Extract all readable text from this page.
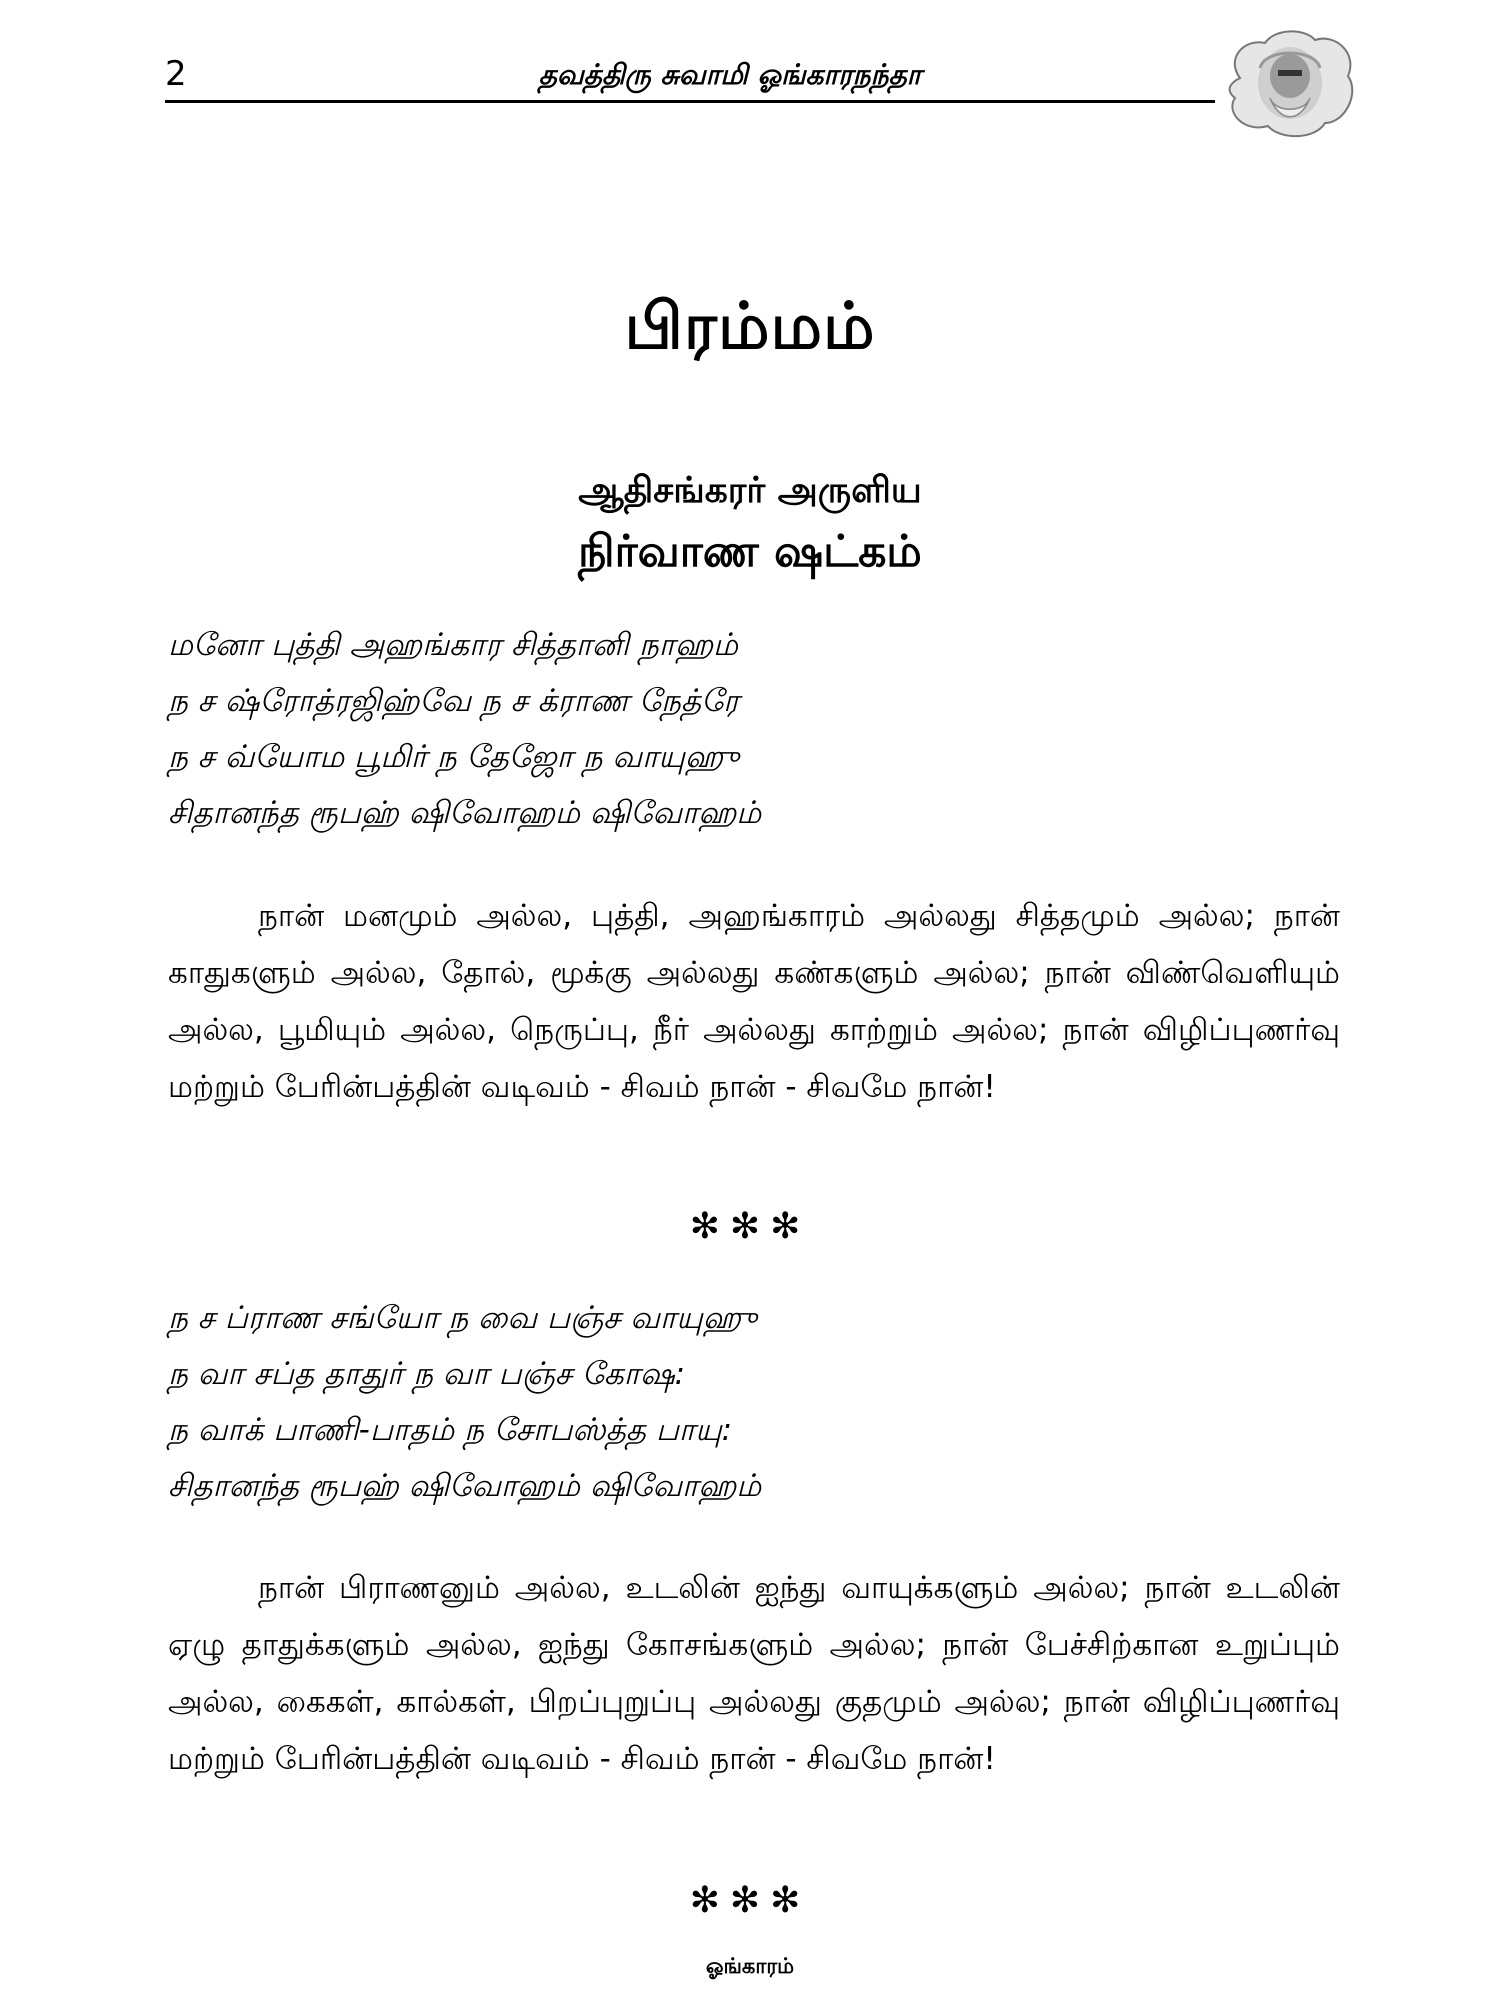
2	தவத்திரு சுவாமி ஓங்காரநந்தா
பிரம்மம்
ஆதிசங்கரர் அருளிய
நிர்வாண ஷட்கம்
மனோ புத்தி அஹங்கார சித்தானி நாஹம்
ந ச ஷ்ரோத்ரஜிஹ்வே ந ச க்ராண நேத்ரே
ந ச வ்யோம பூமிர் ந தேஜோ ந வாயுஹு
சிதானந்த ரூபஹ் ஷிவோஹம் ஷிவோஹம்

நான் மனமும் அல்ல, புத்தி, அஹங்காரம் அல்லது சித்தமும் அல்ல; நான் காதுகளும் அல்ல, தோல், மூக்கு அல்லது கண்களும் அல்ல; நான் விண்வெளியும் அல்ல, பூமியும் அல்ல, நெருப்பு, நீர் அல்லது காற்றும் அல்ல; நான் விழிப்புணர்வு மற்றும் பேரின்பத்தின் வடிவம் - சிவம் நான் - சிவமே நான்!

✻✻✻
ந ச ப்ராண சங்யோ ந வை பஞ்ச வாயுஹு
ந வா சப்த தாதுர் ந வா பஞ்ச கோஷ:
ந வாக் பாணி-பாதம் ந சோபஸ்த்த பாயு:
சிதானந்த ரூபஹ் ஷிவோஹம் ஷிவோஹம்

நான் பிராணனும் அல்ல, உடலின் ஐந்து வாயுக்களும் அல்ல; நான் உடலின் ஏழு தாதுக்களும் அல்ல, ஐந்து கோசங்களும் அல்ல; நான் பேச்சிற்கான உறுப்பும் அல்ல, கைகள், கால்கள், பிறப்புறுப்பு அல்லது குதமும் அல்ல; நான் விழிப்புணர்வு மற்றும் பேரின்பத்தின் வடிவம் - சிவம் நான் - சிவமே நான்!

✻✻✻
ஓங்காரம்
